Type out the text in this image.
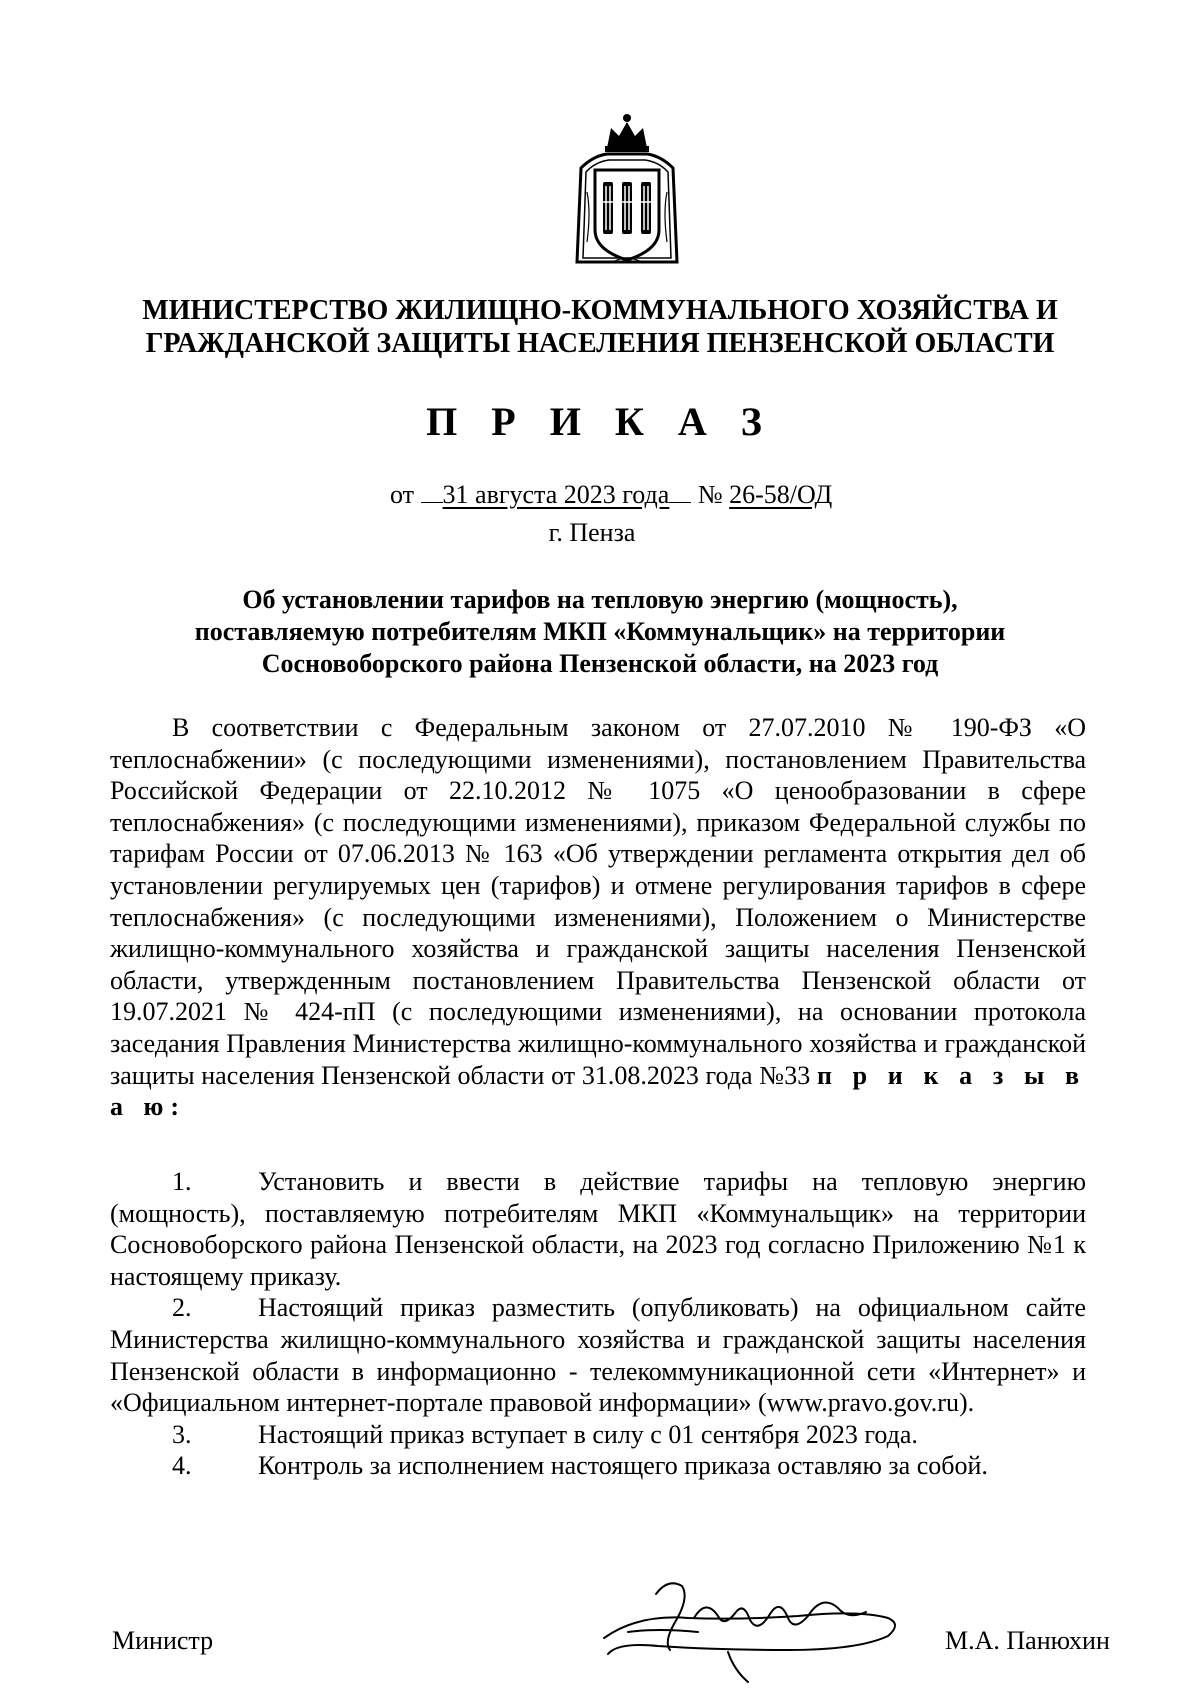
МИНИСТЕРСТВО ЖИЛИЩНО-КОММУНАЛЬНОГО ХОЗЯЙСТВА И
ГРАЖДАНСКОЙ ЗАЩИТЫ НАСЕЛЕНИЯ ПЕНЗЕНСКОЙ ОБЛАСТИ
П Р И К А З
от 31 августа 2023 года № 26-58/ОД
г. Пенза
Об установлении тарифов на тепловую энергию (мощность),
поставляемую потребителям МКП «Коммунальщик» на территории
Сосновоборского района Пензенской области, на 2023 год

В соответствии с Федеральным законом от 27.07.2010 № 190-ФЗ «О теплоснабжении» (с последующими изменениями), постановлением Правительства Российской Федерации от 22.10.2012 № 1075 «О ценообразовании в сфере теплоснабжения» (с последующими изменениями), приказом Федеральной службы по тарифам России от 07.06.2013 № 163 «Об утверждении регламента открытия дел об установлении регулируемых цен (тарифов) и отмене регулирования тарифов в сфере теплоснабжения» (с последующими изменениями), Положением о Министерстве жилищно-коммунального хозяйства и гражданской защиты населения Пензенской области, утвержденным постановлением Правительства Пензенской области от 19.07.2021 № 424-пП (с последующими изменениями), на основании протокола заседания Правления Министерства жилищно-коммунального хозяйства и гражданской защиты населения Пензенской области от 31.08.2023 года №33 п р и к а з ы в а ю:

1.	Установить и ввести в действие тарифы на тепловую энергию (мощность), поставляемую потребителям МКП «Коммунальщик» на территории Сосновоборского района Пензенской области, на 2023 год согласно Приложению №1 к настоящему приказу.

2.	Настоящий приказ разместить (опубликовать) на официальном сайте Министерства жилищно-коммунального хозяйства и гражданской защиты населения Пензенской области в информационно - телекоммуникационной сети «Интернет» и «Официальном интернет-портале правовой информации» (www.pravo.gov.ru).

3.	Настоящий приказ вступает в силу с 01 сентября 2023 года.

4.	Контроль за исполнением настоящего приказа оставляю за собой.

Министр	М.А. Панюхин
